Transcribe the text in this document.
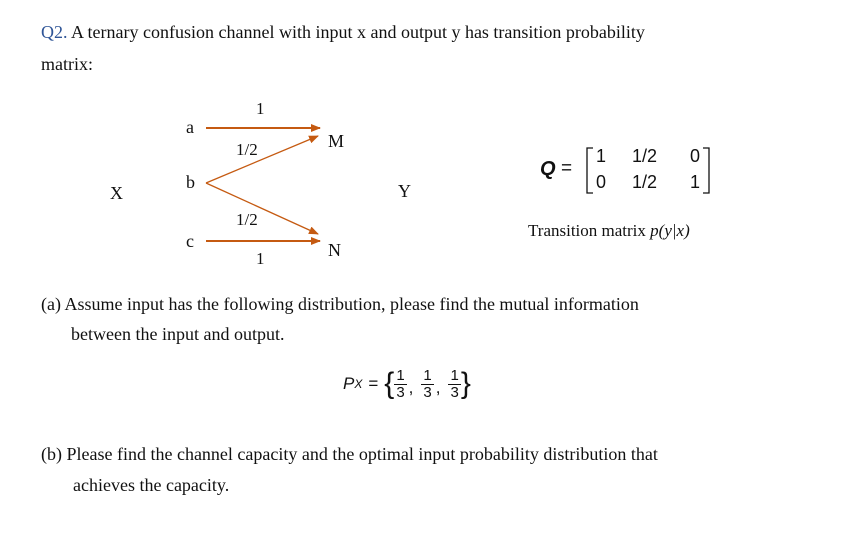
Q2. A ternary confusion channel with input x and output y has transition probability
matrix:
X	Y
a
b
c
M
N
1
1/2
1/2
1
Q =
1 1/2 0
0 1/2 1
Transition matrix p(y|x)
(a) Assume input has the following distribution, please find the mutual information
between the input and output.
P X = { $\frac{1}{3}$ , $\frac{1}{3}$ , $\frac{1}{3}$ }
(b) Please find the channel capacity and the optimal input probability distribution that
achieves the capacity.
